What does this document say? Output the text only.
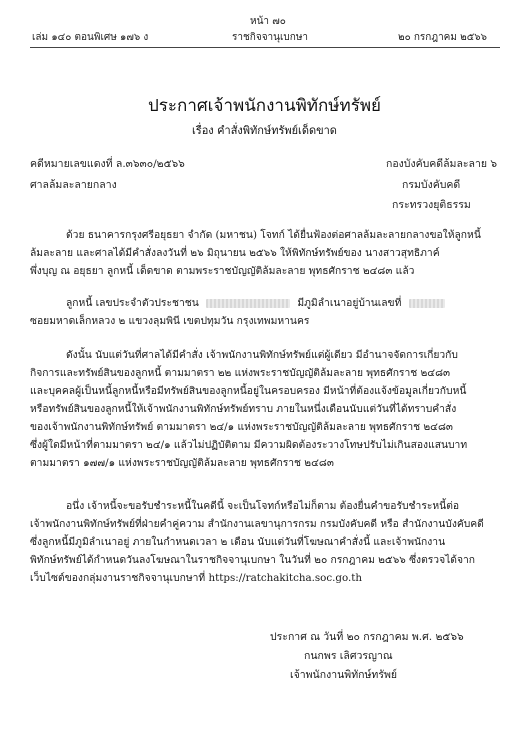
หน้า ๗๐
เล่ม ๑๔๐ ตอนพิเศษ ๑๗๖ ง	ราชกิจจานุเบกษา	๒๐ กรกฎาคม ๒๕๖๖
ประกาศเจ้าพนักงานพิทักษ์ทรัพย์
เรื่อง คำสั่งพิทักษ์ทรัพย์เด็ดขาด
คดีหมายเลขแดงที่ ล.๓๖๓๐/๒๕๖๖
ศาลล้มละลายกลาง
กองบังคับคดีล้มละลาย ๖
กรมบังคับคดี
กระทรวงยุติธรรม
ด้วย ธนาคารกรุงศรีอยุธยา จำกัด (มหาชน) โจทก์ ได้ยื่นฟ้องต่อศาลล้มละลายกลางขอให้ลูกหนี้
ล้มละลาย และศาลได้มีคำสั่งลงวันที่ ๒๖ มิถุนายน ๒๕๖๖ ให้พิทักษ์ทรัพย์ของ นางสาวสุทธิภาค์
พึ่งบุญ ณ อยุธยา ลูกหนี้ เด็ดขาด ตามพระราชบัญญัติล้มละลาย พุทธศักราช ๒๔๘๓ แล้ว
ลูกหนี้ เลขประจำตัวประชาชน	มีภูมิลำเนาอยู่บ้านเลขที่
ซอยมหาดเล็กหลวง ๒ แขวงลุมพินี เขตปทุมวัน กรุงเทพมหานคร
ดังนั้น นับแต่วันที่ศาลได้มีคำสั่ง เจ้าพนักงานพิทักษ์ทรัพย์แต่ผู้เดียว มีอำนาจจัดการเกี่ยวกับ
กิจการและทรัพย์สินของลูกหนี้ ตามมาตรา ๒๒ แห่งพระราชบัญญัติล้มละลาย พุทธศักราช ๒๔๘๓
และบุคคลผู้เป็นหนี้ลูกหนี้หรือมีทรัพย์สินของลูกหนี้อยู่ในครอบครอง มีหน้าที่ต้องแจ้งข้อมูลเกี่ยวกับหนี้
หรือทรัพย์สินของลูกหนี้ให้เจ้าพนักงานพิทักษ์ทรัพย์ทราบ ภายในหนึ่งเดือนนับแต่วันที่ได้ทราบคำสั่ง
ของเจ้าพนักงานพิทักษ์ทรัพย์ ตามมาตรา ๒๔/๑ แห่งพระราชบัญญัติล้มละลาย พุทธศักราช ๒๔๘๓
ซึ่งผู้ใดมีหน้าที่ตามมาตรา ๒๔/๑ แล้วไม่ปฏิบัติตาม มีความผิดต้องระวางโทษปรับไม่เกินสองแสนบาท
ตามมาตรา ๑๗๗/๑ แห่งพระราชบัญญัติล้มละลาย พุทธศักราช ๒๔๘๓
อนึ่ง เจ้าหนี้จะขอรับชำระหนี้ในคดีนี้ จะเป็นโจทก์หรือไม่ก็ตาม ต้องยื่นคำขอรับชำระหนี้ต่อ
เจ้าพนักงานพิทักษ์ทรัพย์ที่ฝ่ายคำคู่ความ สำนักงานเลขานุการกรม กรมบังคับคดี หรือ สำนักงานบังคับคดี
ซึ่งลูกหนี้มีภูมิลำเนาอยู่ ภายในกำหนดเวลา ๒ เดือน นับแต่วันที่โฆษณาคำสั่งนี้ และเจ้าพนักงาน
พิทักษ์ทรัพย์ได้กำหนดวันลงโฆษณาในราชกิจจานุเบกษา ในวันที่ ๒๐ กรกฎาคม ๒๕๖๖ ซึ่งตรวจได้จาก
เว็บไซต์ของกลุ่มงานราชกิจจานุเบกษาที่ https://ratchakitcha.soc.go.th
ประกาศ ณ วันที่ ๒๐ กรกฎาคม พ.ศ. ๒๕๖๖
กนกพร เลิศวรญาณ
เจ้าพนักงานพิทักษ์ทรัพย์
